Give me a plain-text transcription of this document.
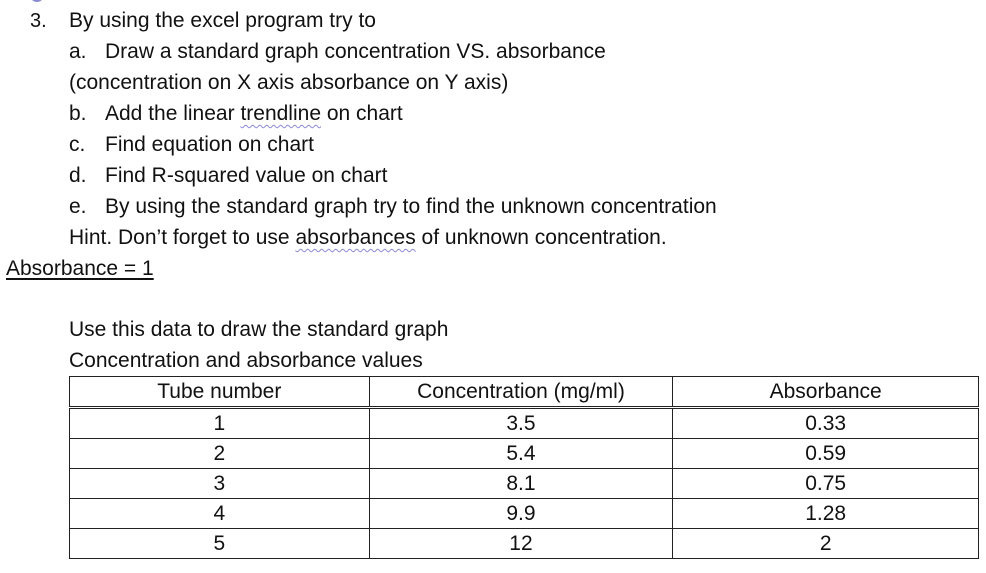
3. By using the excel program try to
a. Draw a standard graph concentration VS. absorbance
(concentration on X axis absorbance on Y axis)
b. Add the linear trendline on chart
c. Find equation on chart
d. Find R-squared value on chart
e. By using the standard graph try to find the unknown concentration
Hint. Don’t forget to use absorbances of unknown concentration.
Absorbance = 1
Use this data to draw the standard graph
Concentration and absorbance values
Tube number	Concentration (mg/ml)	Absorbance
1	3.5	0.33
2	5.4	0.59
3	8.1	0.75
4	9.9	1.28
5	12	2
